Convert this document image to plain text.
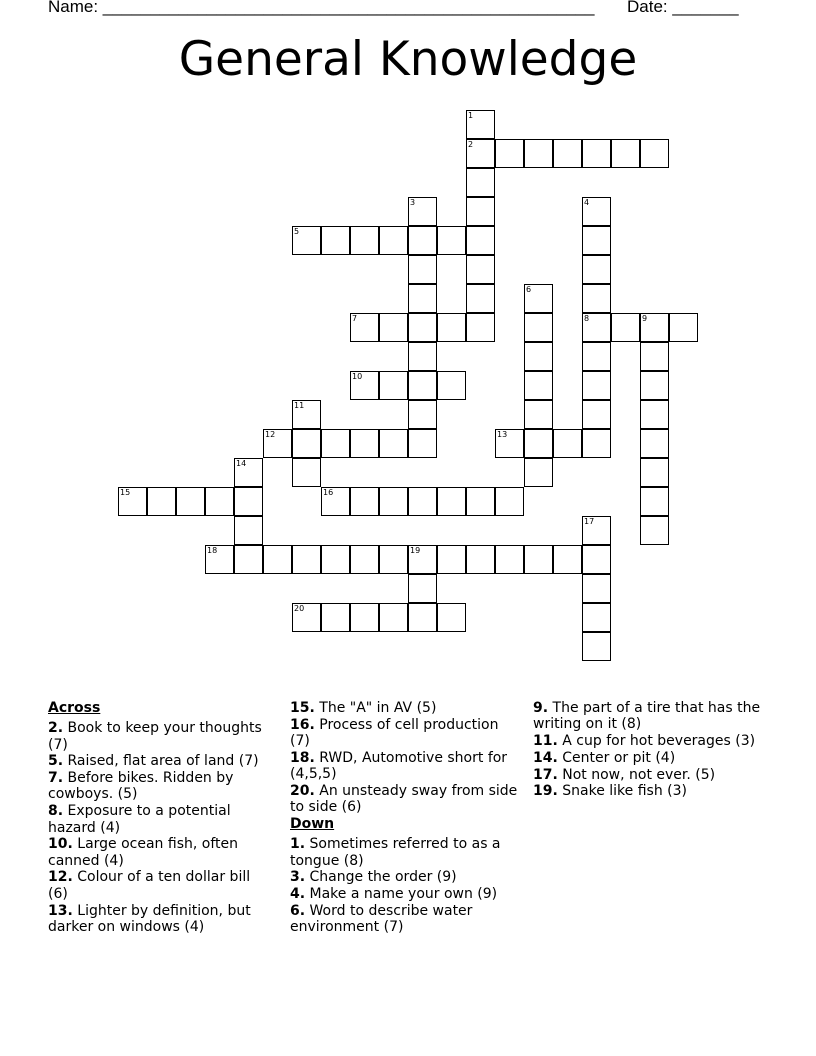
Name: ____________________________________________________ Date: _______
General Knowledge
2
5
7	8	9
10
12	13
15	16
18	19
20
1
3	4
6
11
14
17
Across
2. Book to keep your thoughts (7)
5. Raised, flat area of land (7)
7. Before bikes. Ridden by cowboys. (5)
8. Exposure to a potential hazard (4)
10. Large ocean fish, often canned (4)
12. Colour of a ten dollar bill (6)
13. Lighter by definition, but darker on windows (4)
15. The "A" in AV (5)
16. Process of cell production (7)
18. RWD, Automotive short for (4,5,5)
20. An unsteady sway from side to side (6)
Down
1. Sometimes referred to as a tongue (8)
3. Change the order (9)
4. Make a name your own (9)
6. Word to describe water environment (7)
9. The part of a tire that has the writing on it (8)
11. A cup for hot beverages (3)
14. Center or pit (4)
17. Not now, not ever. (5)
19. Snake like fish (3)
